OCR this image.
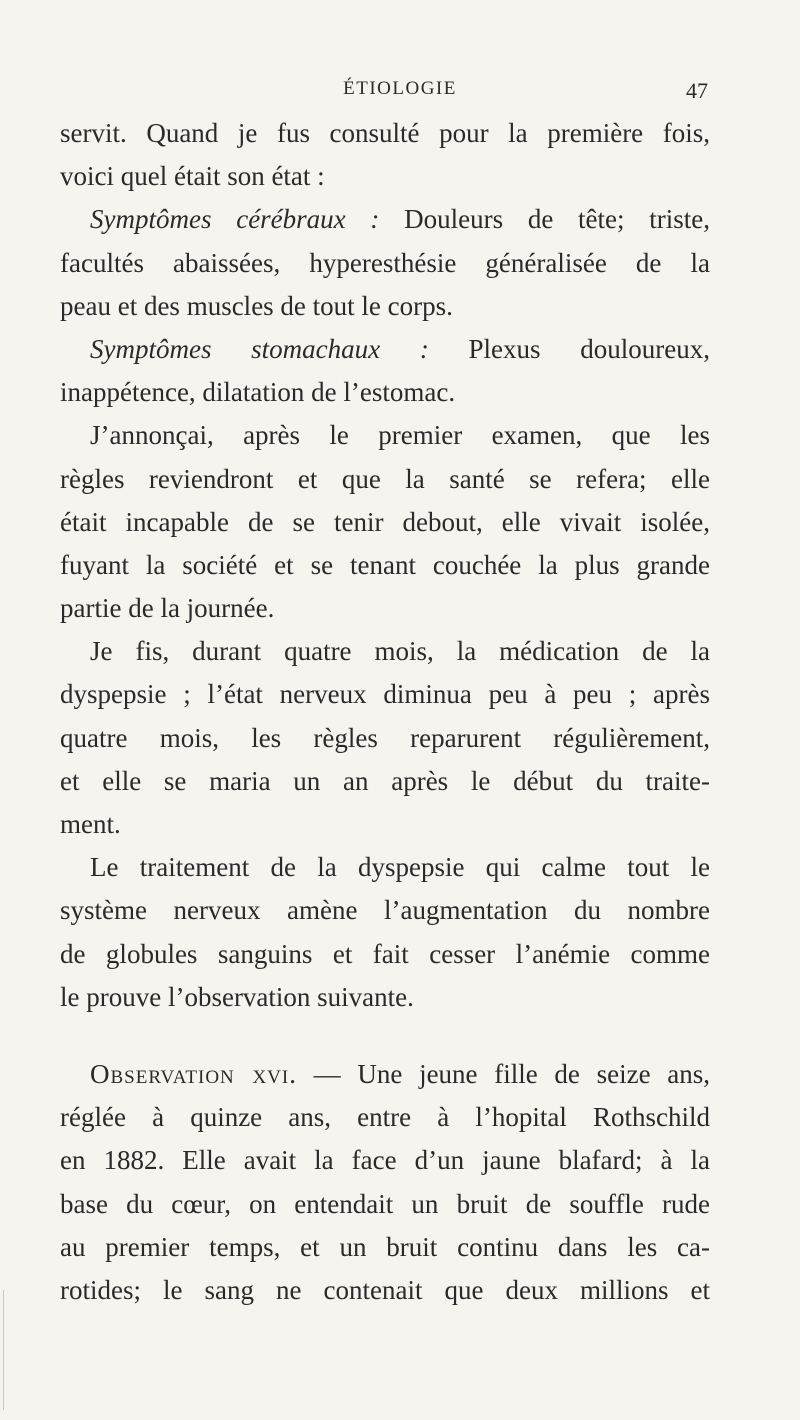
ÉTIOLOGIE	47
servit. Quand je fus consulté pour la première fois,
voici quel était son état :
Symptômes cérébraux : Douleurs de tête; triste,
facultés abaissées, hyperesthésie généralisée de la
peau et des muscles de tout le corps.
Symptômes stomachaux : Plexus douloureux,
inappétence, dilatation de l’estomac.
J’annonçai, après le premier examen, que les
règles reviendront et que la santé se refera; elle
était incapable de se tenir debout, elle vivait isolée,
fuyant la société et se tenant couchée la plus grande
partie de la journée.
Je fis, durant quatre mois, la médication de la
dyspepsie ; l’état nerveux diminua peu à peu ; après
quatre mois, les règles reparurent régulièrement,
et elle se maria un an après le début du traite-
ment.
Le traitement de la dyspepsie qui calme tout le
système nerveux amène l’augmentation du nombre
de globules sanguins et fait cesser l’anémie comme
le prouve l’observation suivante.
Observation xvi. — Une jeune fille de seize ans,
réglée à quinze ans, entre à l’hopital Rothschild
en 1882. Elle avait la face d’un jaune blafard; à la
base du cœur, on entendait un bruit de souffle rude
au premier temps, et un bruit continu dans les ca-
rotides; le sang ne contenait que deux millions et
